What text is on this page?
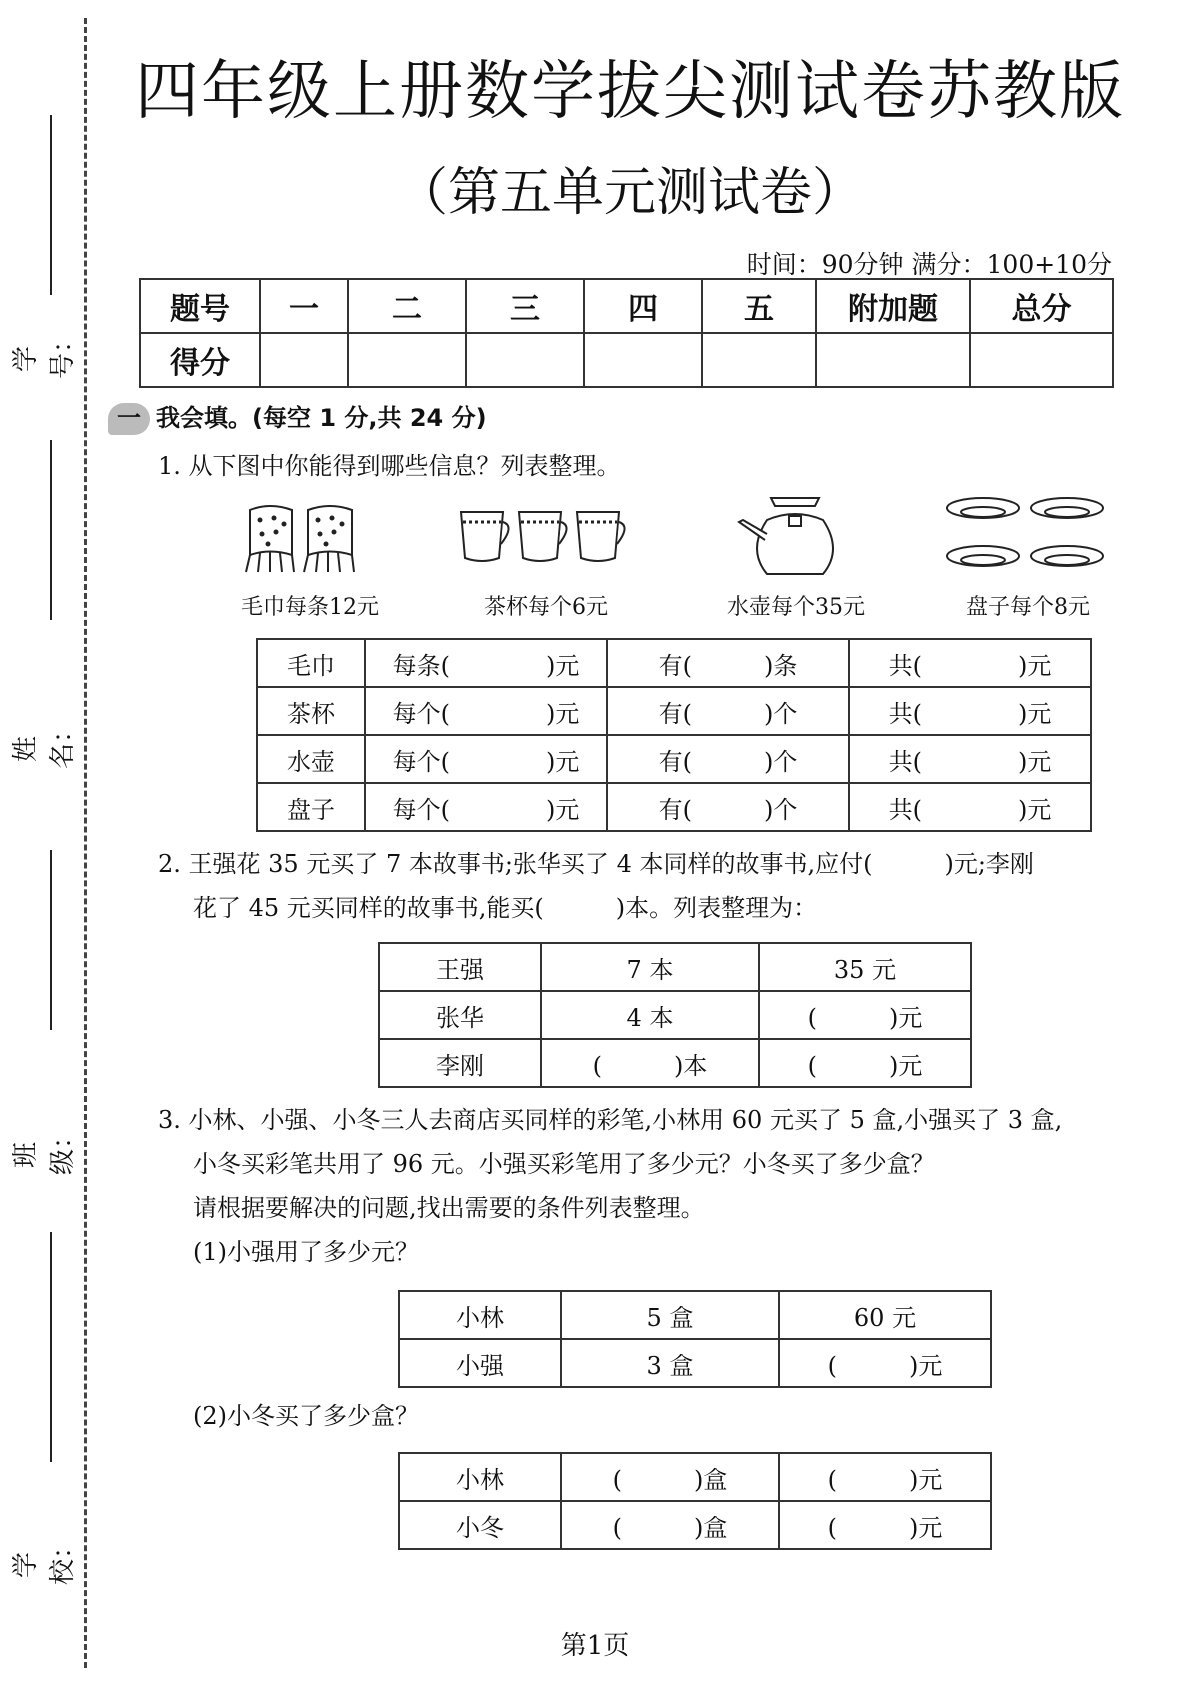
学号：
姓名：
班级：
学校：
四年级上册数学拔尖测试卷苏教版
（第五单元测试卷）
时间：90分钟 满分：100+10分
题号	一	二	三	四	五	附加题	总分
得分							
一 我会填。(每空 1 分,共 24 分)
1. 从下图中你能得到哪些信息？列表整理。
毛巾每条12元	茶杯每个6元	水壶每个35元	盘子每个8元
毛巾	每条(　　　　)元	有(　　　)条	共(　　　　)元
茶杯	每个(　　　　)元	有(　　　)个	共(　　　　)元
水壶	每个(　　　　)元	有(　　　)个	共(　　　　)元
盘子	每个(　　　　)元	有(　　　)个	共(　　　　)元
2. 王强花 35 元买了 7 本故事书;张华买了 4 本同样的故事书,应付(　　　)元;李刚
花了 45 元买同样的故事书,能买(　　　)本。列表整理为：
王强	7 本	35 元
张华	4 本	(　　　)元
李刚	(　　　)本	(　　　)元
3. 小林、小强、小冬三人去商店买同样的彩笔,小林用 60 元买了 5 盒,小强买了 3 盒,
小冬买彩笔共用了 96 元。小强买彩笔用了多少元？小冬买了多少盒？
请根据要解决的问题,找出需要的条件列表整理。
(1)小强用了多少元？
小林	5 盒	60 元
小强	3 盒	(　　　)元
(2)小冬买了多少盒？
小林	(　　　)盒	(　　　)元
小冬	(　　　)盒	(　　　)元
第1页
